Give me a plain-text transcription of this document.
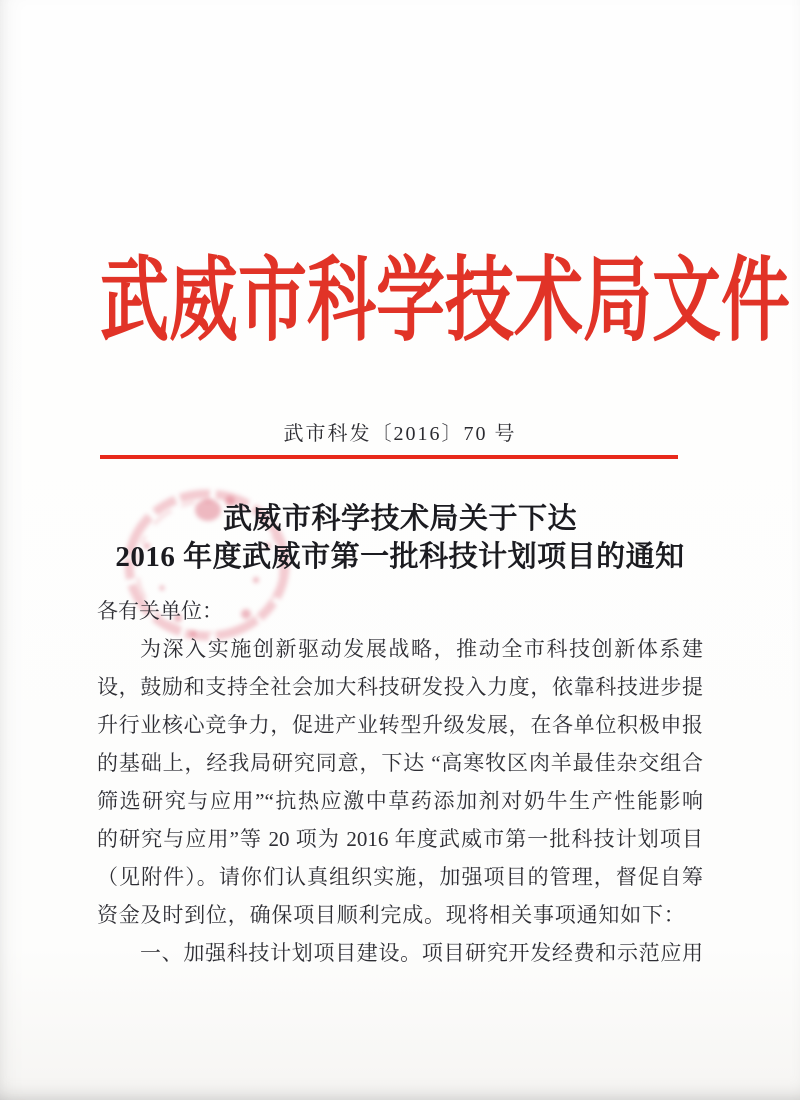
武威市科学技术局文件
武市科发〔2016〕70 号
武威市科学技术局关于下达
2016 年度武威市第一批科技计划项目的通知
各有关单位：
为深入实施创新驱动发展战略，推动全市科技创新体系建
设，鼓励和支持全社会加大科技研发投入力度，依靠科技进步提
升行业核心竞争力，促进产业转型升级发展，在各单位积极申报
的基础上，经我局研究同意，下达 “高寒牧区肉羊最佳杂交组合
筛选研究与应用”“抗热应激中草药添加剂对奶牛生产性能影响
的研究与应用”等 20 项为 2016 年度武威市第一批科技计划项目
（见附件）。请你们认真组织实施，加强项目的管理，督促自筹
资金及时到位，确保项目顺利完成。现将相关事项通知如下：
一、加强科技计划项目建设。项目研究开发经费和示范应用
